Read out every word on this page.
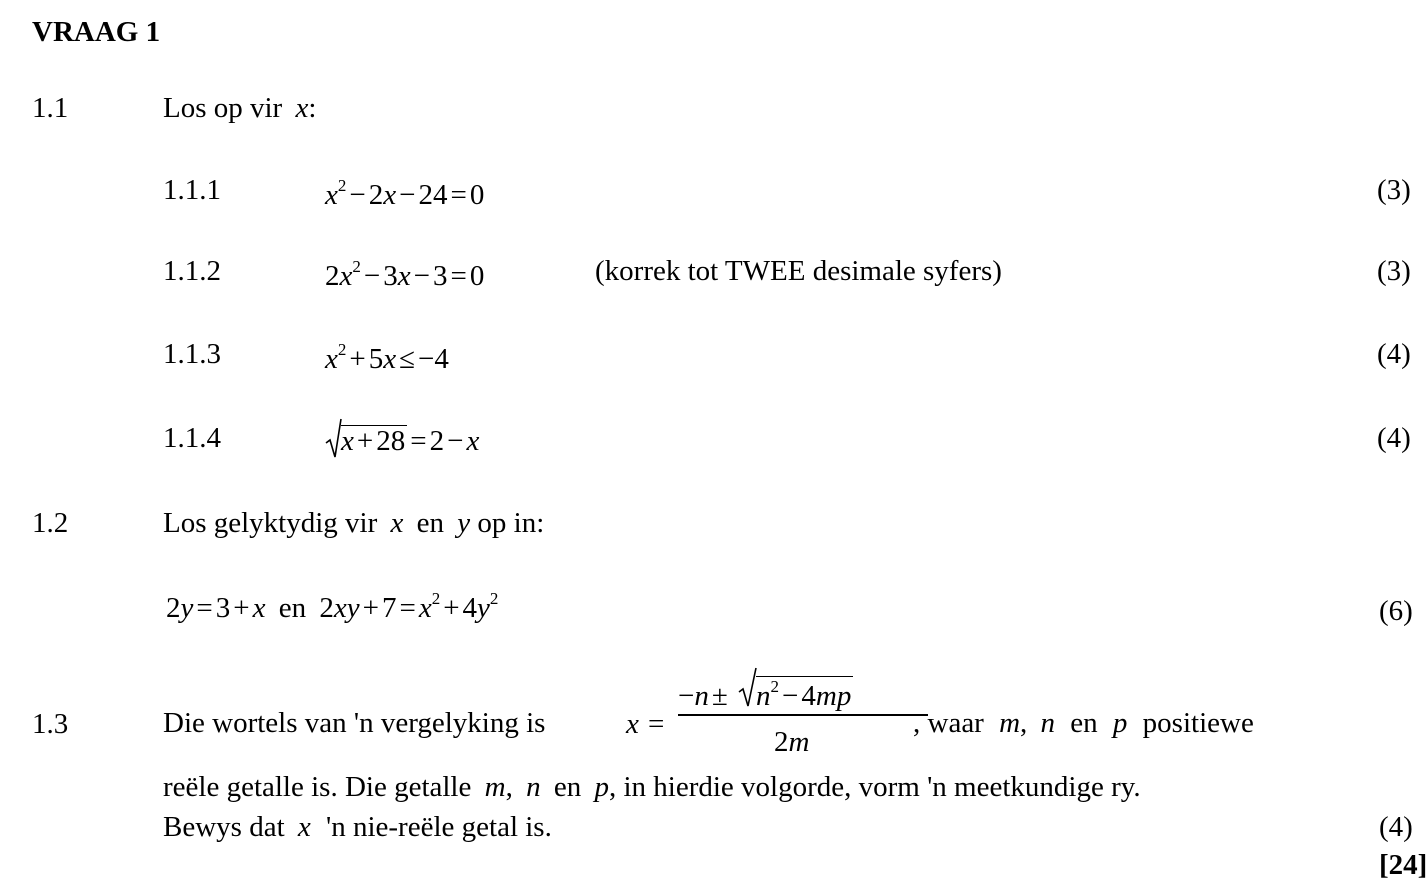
VRAAG 1
1.1	Los op vir x:
1.1.1	$x^2 - 2x - 24 = 0$	(3)
1.1.2	$2x^2 - 3x - 3 = 0$	(korrek tot TWEE desimale syfers)	(3)
1.1.3	$x^2 + 5x \le -4$	(4)
1.1.4	x + 28 = 2 − x	(4)
1.2	Los gelyktydig vir x en y op in:
2y = 3 + x en $2xy + 7 = x^2 + 4y^2$	(6)
1.3	Die wortels van 'n vergelyking is	x =
$-n \pm n^2 - 4mp$
2m
, waar m, n en p positiewe
reële getalle is. Die getalle m, n en p, in hierdie volgorde, vorm 'n meetkundige ry.
Bewys dat x 'n nie-reële getal is.	(4)
[24]
